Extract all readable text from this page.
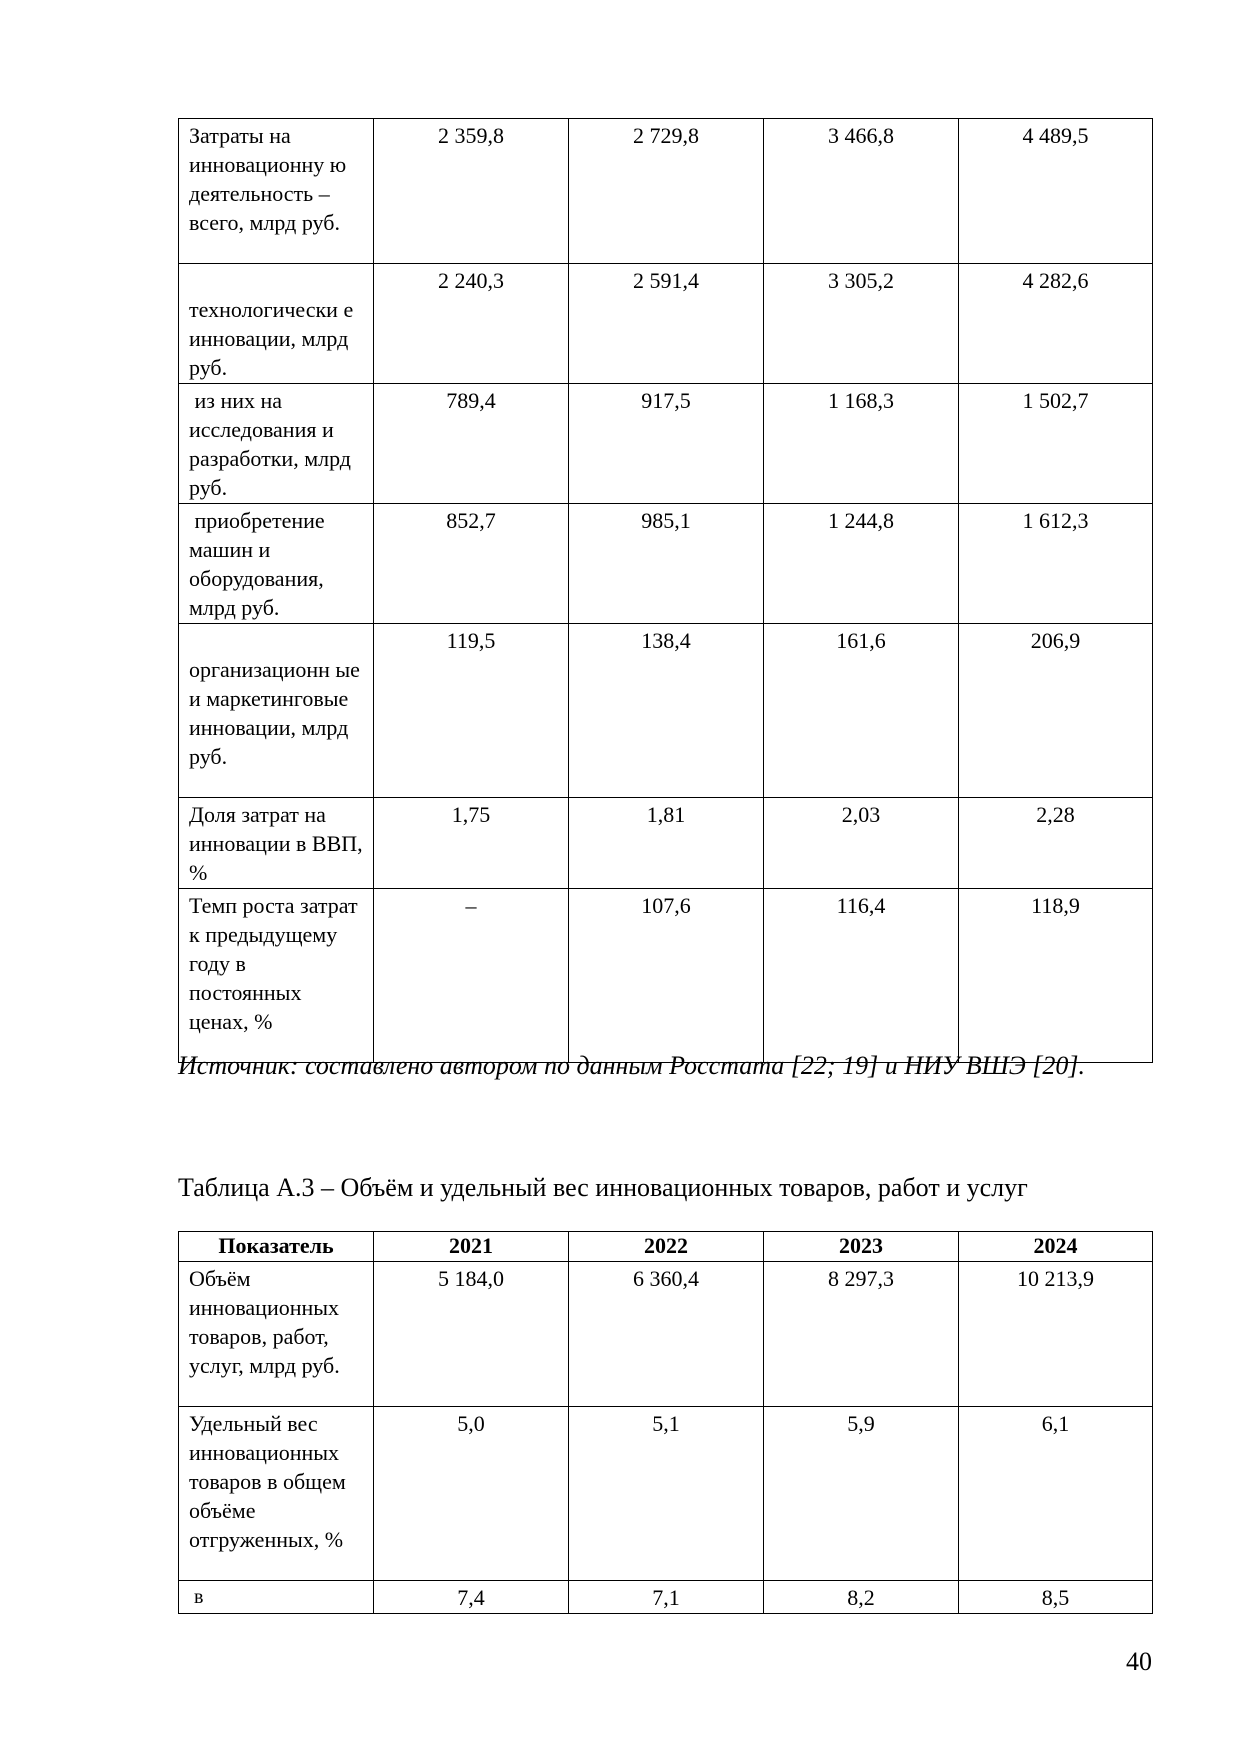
Затраты на инновационну ю деятельность – всего, млрд руб.	2 359,8	2 729,8	3 466,8	4 489,5

технологически е инновации, млрд руб.	2 240,3	2 591,4	3 305,2	4 282,6
из них на исследования и разработки, млрд руб.	789,4	917,5	1 168,3	1 502,7
приобретение машин и оборудования, млрд руб.	852,7	985,1	1 244,8	1 612,3

организационн ые и маркетинговые инновации, млрд руб.	119,5	138,4	161,6	206,9
Доля затрат на инновации в ВВП, %	1,75	1,81	2,03	2,28
Темп роста затрат к предыдущему году в постоянных ценах, %	–	107,6	116,4	118,9
Источник: составлено автором по данным Росстата [22; 19] и НИУ ВШЭ [20].
Таблица А.3 – Объём и удельный вес инновационных товаров, работ и услуг
Показатель	2021	2022	2023	2024
Объём инновационных товаров, работ, услуг, млрд руб.	5 184,0	6 360,4	8 297,3	10 213,9
Удельный вес инновационных товаров в общем объёме отгруженных, %	5,0	5,1	5,9	6,1
в	7,4	7,1	8,2	8,5
40
